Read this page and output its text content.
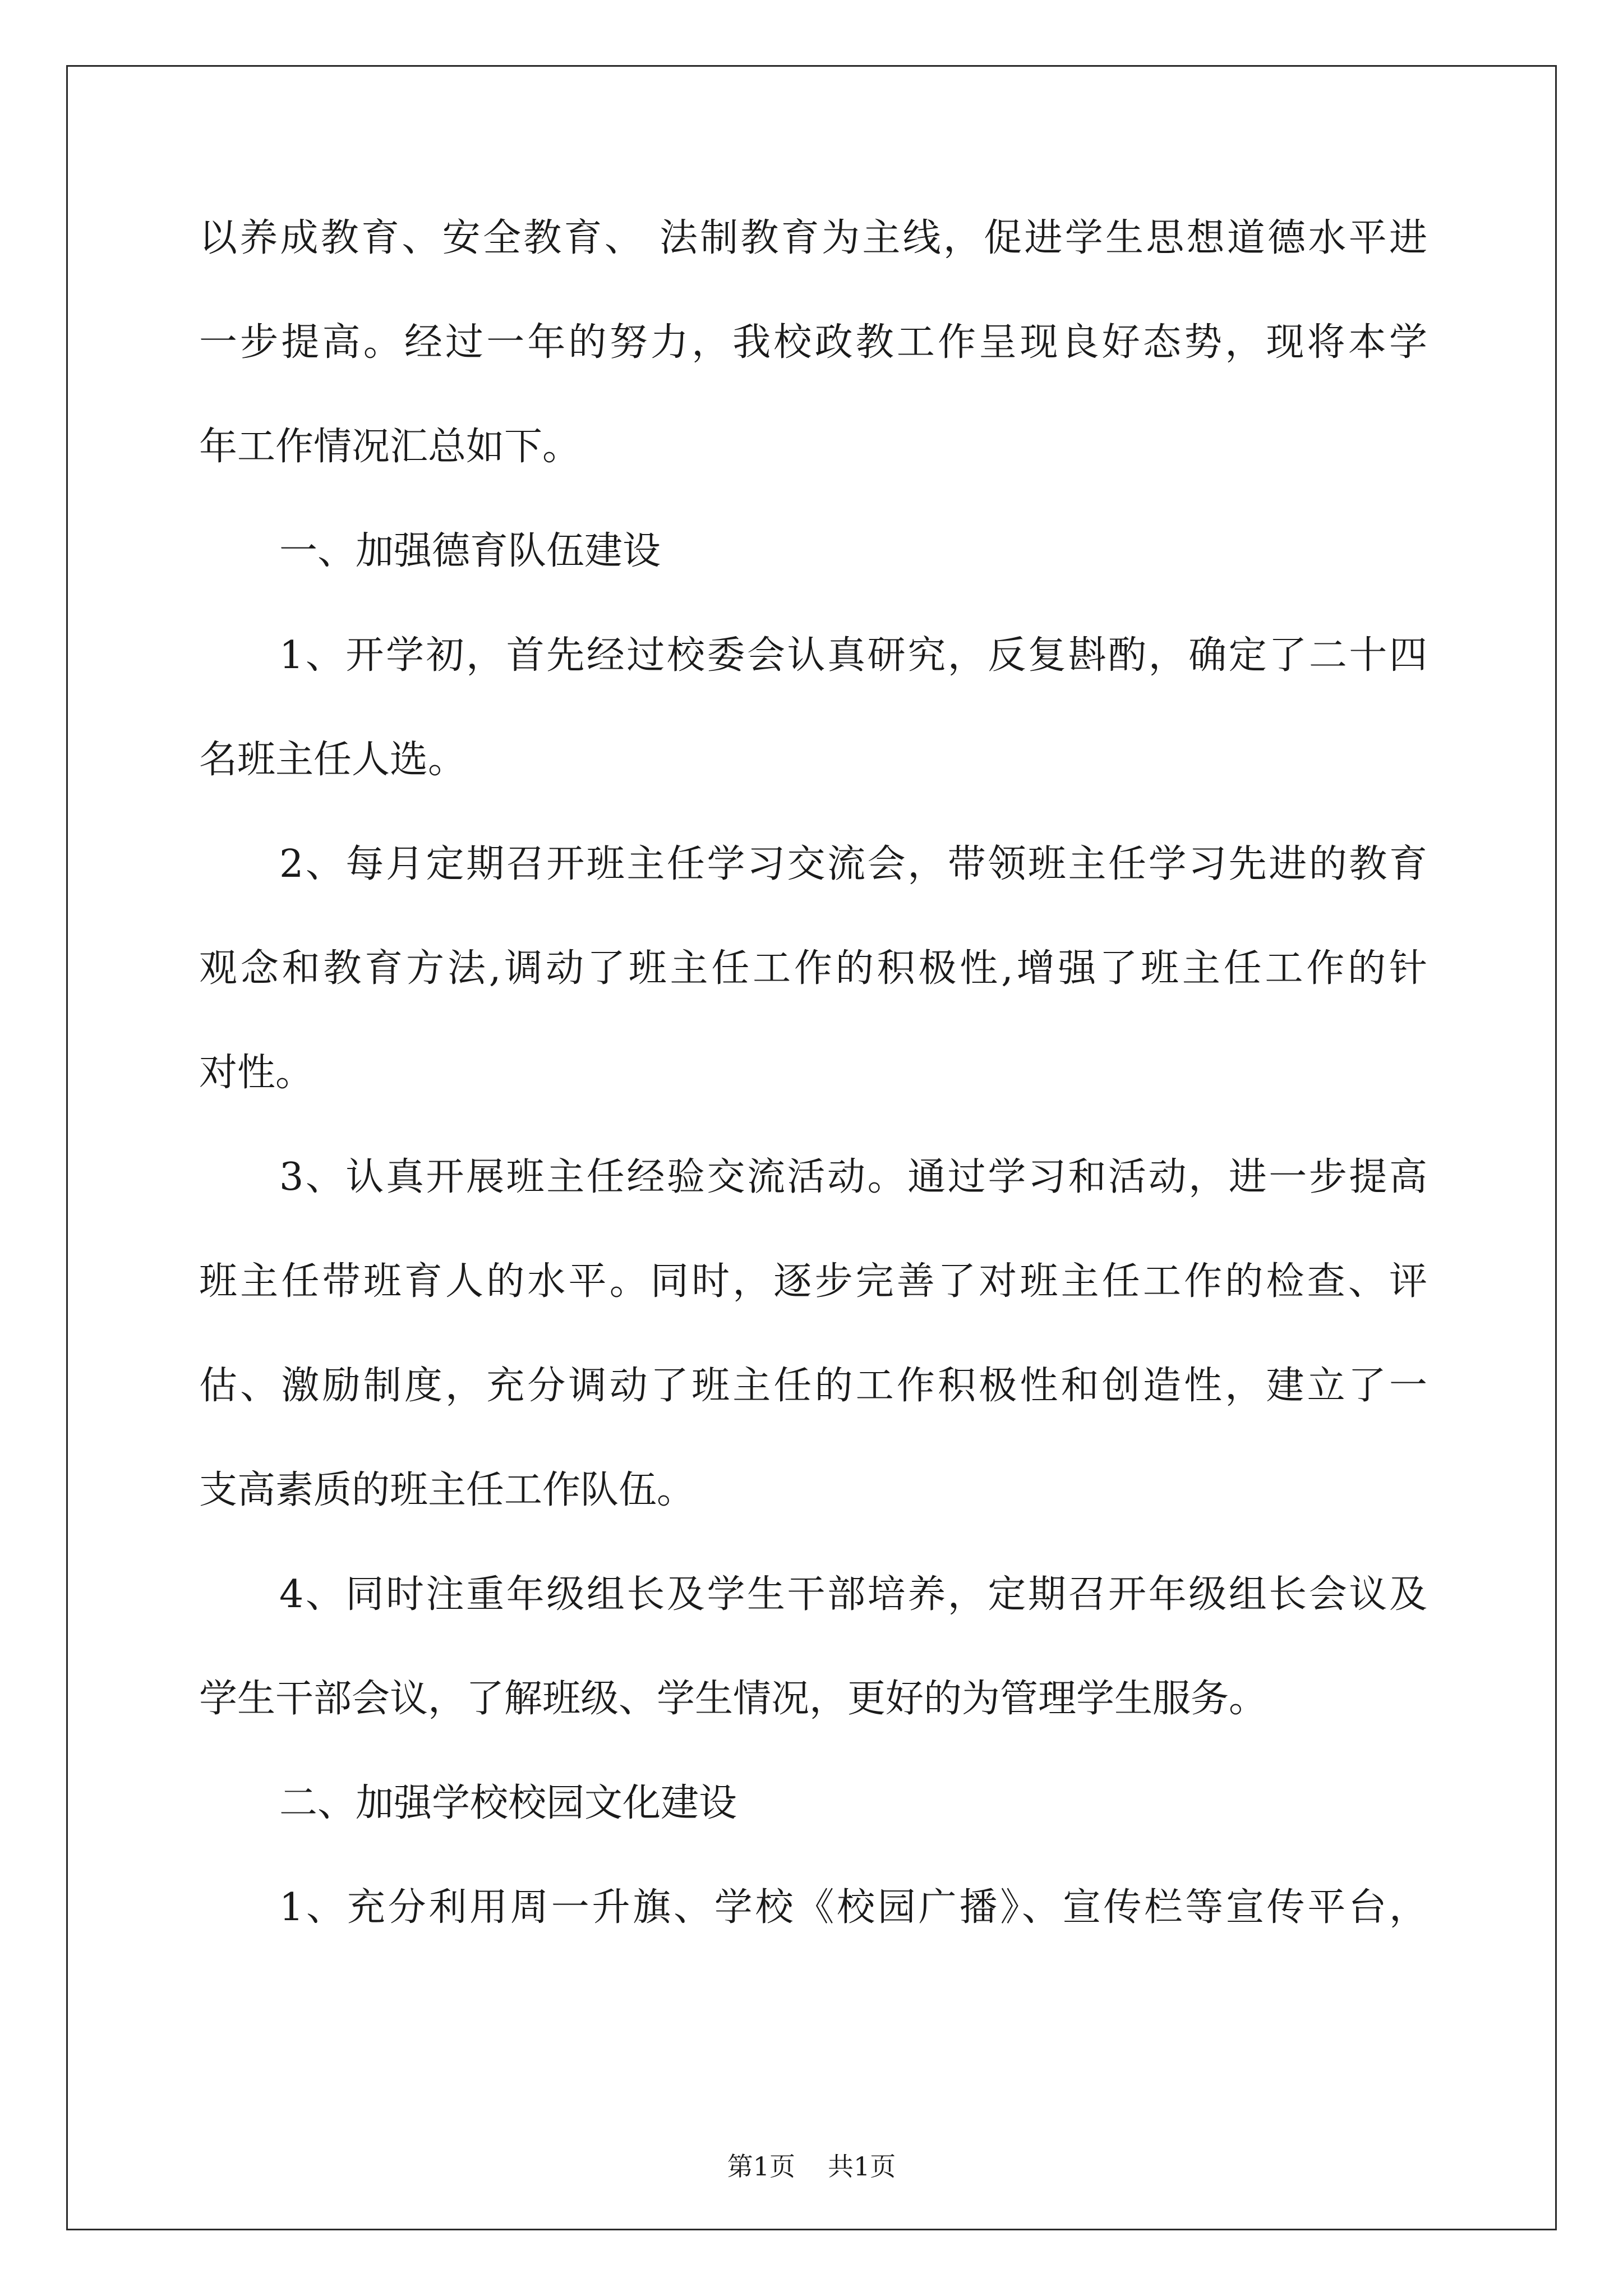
以养成教育、安全教育、 法制教育为主线，促进学生思想道德水平进
一步提高。经过一年的努力，我校政教工作呈现良好态势，现将本学
年工作情况汇总如下。
一、加强德育队伍建设
1、开学初，首先经过校委会认真研究，反复斟酌，确定了二十四
名班主任人选。
2、每月定期召开班主任学习交流会，带领班主任学习先进的教育
观念和教育方法,调动了班主任工作的积极性,增强了班主任工作的针
对性。
3、认真开展班主任经验交流活动。通过学习和活动，进一步提高
班主任带班育人的水平。同时，逐步完善了对班主任工作的检查、评
估、激励制度，充分调动了班主任的工作积极性和创造性，建立了一
支高素质的班主任工作队伍。
4、同时注重年级组长及学生干部培养，定期召开年级组长会议及
学生干部会议，了解班级、学生情况，更好的为管理学生服务。
二、加强学校校园文化建设
1、充分利用周一升旗、学校《校园广播》、宣传栏等宣传平台，
第1页 共1页
